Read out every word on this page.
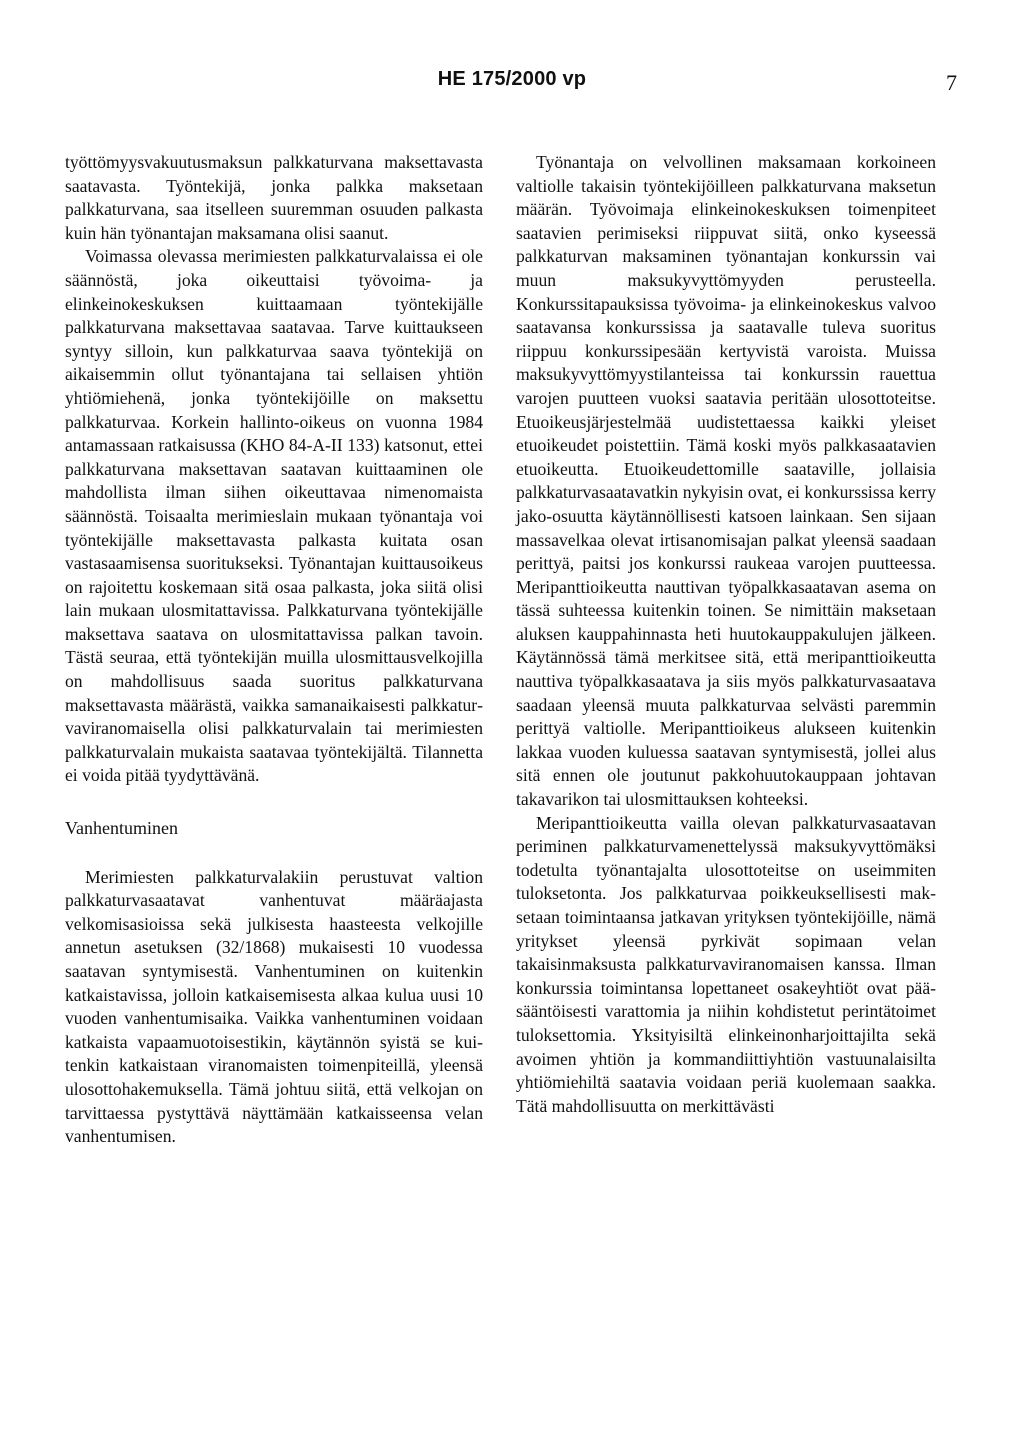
HE 175/2000 vp	7

työttömyysvakuutusmaksun palkkaturvana maksettavasta saatavasta. Työntekijä, jonka palkka maksetaan palkkaturvana, saa itselleen suuremman osuuden palkasta kuin hän työnantajan maksamana olisi saanut.

Voimassa olevassa merimiesten palkkaturvalaissa ei ole säännöstä, joka oikeuttaisi työvoima- ja elinkeinokeskuksen kuittaamaan työntekijälle palkkaturvana maksettavaa saatavaa. Tarve kuittaukseen syntyy silloin, kun palkkaturvaa saava työntekijä on aikaisemmin ollut työnantajana tai sellaisen yhtiön yhtiömiehenä, jonka työntekijöille on maksettu palkkaturvaa. Korkein hallinto-oikeus on vuonna 1984 antamassaan ratkaisussa (KHO 84-A-II 133) katsonut, ettei palkkaturvana maksettavan saatavan kuittaaminen ole mahdollista ilman siihen oikeuttavaa nimenomaista säännöstä. Toisaalta merimieslain mukaan työnantaja voi työntekijälle maksettavasta palkasta kuitata osan vastasaamisensa suoritukseksi. Työnantajan kuittausoikeus on rajoitettu koskemaan sitä osaa palkasta, joka siitä olisi lain mukaan ulosmitattavissa. Palkkaturvana työntekijälle maksettava saatava on ulosmitattavissa palkan tavoin. Tästä seuraa, että työntekijän muilla ulosmittausvelkojilla on mahdollisuus saada suoritus palkkaturvana maksettavasta määrästä, vaikka samanaikaisesti palkkaturvaviranomaisella olisi palkkaturvalain tai merimiesten palkkaturvalain mukaista saatavaa työntekijältä. Tilannetta ei voida pitää tyydyttävänä.

Vanhentuminen

Merimiesten palkkaturvalakiin perustuvat valtion palkkaturvasaatavat vanhentuvat määräajasta velkomisasioissa sekä julkisesta haasteesta velkojille annetun asetuksen (32/1868) mukaisesti 10 vuodessa saatavan syntymisestä. Vanhentuminen on kuitenkin katkaistavissa, jolloin katkaisemisesta alkaa kulua uusi 10 vuoden vanhentumisaika. Vaikka vanhentuminen voidaan katkaista vapaamuotoisestikin, käytännön syistä se kuitenkin katkaistaan viranomaisten toimenpiteillä, yleensä ulosottohakemuksella. Tämä johtuu siitä, että velkojan on tarvittaessa pystyttävä näyttämään katkaisseensa velan vanhentumisen.

Työnantaja on velvollinen maksamaan korkoineen valtiolle takaisin työntekijöilleen palkkaturvana maksetun määrän. Työvoimaja elinkeinokeskuksen toimenpiteet saatavien perimiseksi riippuvat siitä, onko kyseessä palkkaturvan maksaminen työnantajan konkurssin vai muun maksukyvyttömyyden perusteella. Konkurssitapauksissa työvoima- ja elinkeinokeskus valvoo saatavansa konkurssissa ja saatavalle tuleva suoritus riippuu konkurssipesään kertyvistä varoista. Muissa maksukyvyttömyystilanteissa tai konkurssin rauettua varojen puutteen vuoksi saatavia peritään ulosottoteitse. Etuoikeusjärjestelmää uudistettaessa kaikki yleiset etuoikeudet poistettiin. Tämä koski myös palkkasaatavien etuoikeutta. Etuoikeudettomille saataville, jollaisia palkkaturvasaatavatkin nykyisin ovat, ei konkurssissa kerry jako-osuutta käytännöllisesti katsoen lainkaan. Sen sijaan massavelkaa olevat irtisanomisajan palkat yleensä saadaan perittyä, paitsi jos konkurssi raukeaa varojen puutteessa. Meripanttioikeutta nauttivan työpalkkasaatavan asema on tässä suhteessa kuitenkin toinen. Se nimittäin maksetaan aluksen kauppahinnasta heti huutokauppakulujen jälkeen. Käytännössä tämä merkitsee sitä, että meripanttioikeutta nauttiva työpalkkasaatava ja siis myös palkkaturvasaatava saadaan yleensä muuta palkkaturvaa selvästi paremmin perittyä valtiolle. Meripanttioikeus alukseen kuitenkin lakkaa vuoden kuluessa saatavan syntymisestä, jollei alus sitä ennen ole joutunut pakkohuutokauppaan johtavan takavarikon tai ulosmittauksen kohteeksi.

Meripanttioikeutta vailla olevan palkkaturvasaatavan periminen palkkaturvamenettelyssä maksukyvyttömäksi todetulta työnantajalta ulosottoteitse on useimmiten tuloksetonta. Jos palkkaturvaa poikkeuksellisesti maksetaan toimintaansa jatkavan yrityksen työntekijöille, nämä yritykset yleensä pyrkivät sopimaan velan takaisinmaksusta palkkaturvaviranomaisen kanssa. Ilman konkurssia toimintansa lopettaneet osakeyhtiöt ovat pääsääntöisesti varattomia ja niihin kohdistetut perintätoimet tuloksettomia. Yksityisiltä elinkeinonharjoittajilta sekä avoimen yhtiön ja kommandiittiyhtiön vastuunalaisilta yhtiömiehiltä saatavia voidaan periä kuolemaan saakka. Tätä mahdollisuutta on merkittävästi
